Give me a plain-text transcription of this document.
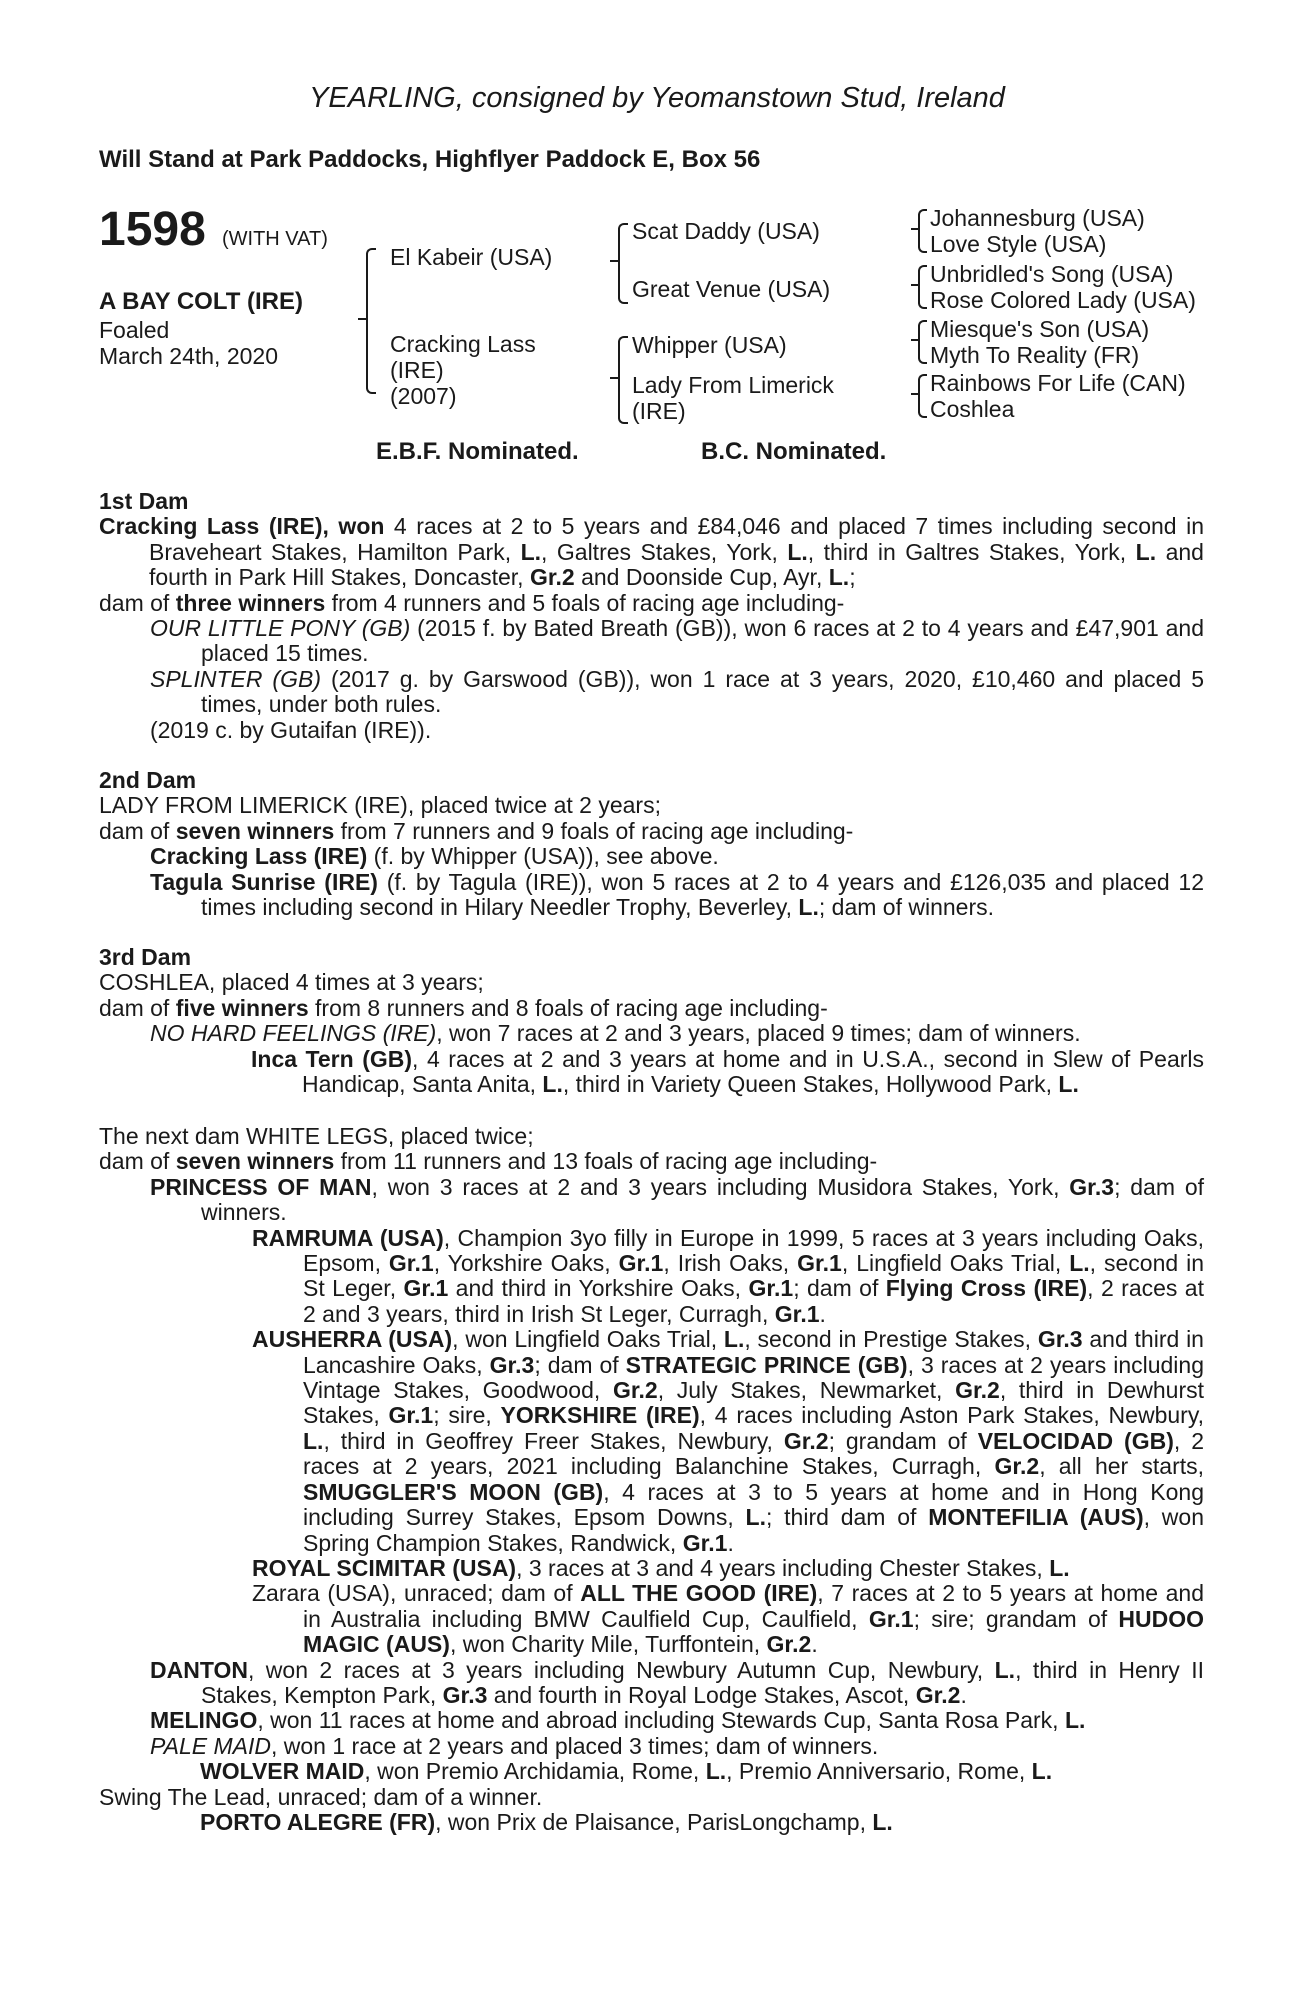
YEARLING, consigned by Yeomanstown Stud, Ireland
Will Stand at Park Paddocks, Highflyer Paddock E, Box 56
1598 (WITH VAT)
A BAY COLT (IRE)
Foaled
March 24th, 2020
El Kabeir (USA)
Cracking Lass
(IRE)
(2007)
Scat Daddy (USA)
Great Venue (USA)
Whipper (USA)
Lady From Limerick
(IRE)
Johannesburg (USA)
Love Style (USA)
Unbridled's Song (USA)
Rose Colored Lady (USA)
Miesque's Son (USA)
Myth To Reality (FR)
Rainbows For Life (CAN)
Coshlea
E.B.F. Nominated.	B.C. Nominated.

1st Dam

Cracking Lass (IRE), won 4 races at 2 to 5 years and £84,046 and placed 7 times including second in Braveheart Stakes, Hamilton Park, L., Galtres Stakes, York, L., third in Galtres Stakes, York, L. and fourth in Park Hill Stakes, Doncaster, Gr.2 and Doonside Cup, Ayr, L.;

dam of three winners from 4 runners and 5 foals of racing age including-

OUR LITTLE PONY (GB) (2015 f. by Bated Breath (GB)), won 6 races at 2 to 4 years and £47,901 and placed 15 times.

SPLINTER (GB) (2017 g. by Garswood (GB)), won 1 race at 3 years, 2020, £10,460 and placed 5 times, under both rules.

(2019 c. by Gutaifan (IRE)).

2nd Dam

LADY FROM LIMERICK (IRE), placed twice at 2 years;

dam of seven winners from 7 runners and 9 foals of racing age including-

Cracking Lass (IRE) (f. by Whipper (USA)), see above.

Tagula Sunrise (IRE) (f. by Tagula (IRE)), won 5 races at 2 to 4 years and £126,035 and placed 12 times including second in Hilary Needler Trophy, Beverley, L.; dam of winners.

3rd Dam

COSHLEA, placed 4 times at 3 years;

dam of five winners from 8 runners and 8 foals of racing age including-

NO HARD FEELINGS (IRE), won 7 races at 2 and 3 years, placed 9 times; dam of winners.

Inca Tern (GB), 4 races at 2 and 3 years at home and in U.S.A., second in Slew of Pearls Handicap, Santa Anita, L., third in Variety Queen Stakes, Hollywood Park, L.

The next dam WHITE LEGS, placed twice;

dam of seven winners from 11 runners and 13 foals of racing age including-

PRINCESS OF MAN, won 3 races at 2 and 3 years including Musidora Stakes, York, Gr.3; dam of winners.

RAMRUMA (USA), Champion 3yo filly in Europe in 1999, 5 races at 3 years including Oaks, Epsom, Gr.1, Yorkshire Oaks, Gr.1, Irish Oaks, Gr.1, Lingfield Oaks Trial, L., second in St Leger, Gr.1 and third in Yorkshire Oaks, Gr.1; dam of Flying Cross (IRE), 2 races at 2 and 3 years, third in Irish St Leger, Curragh, Gr.1.

AUSHERRA (USA), won Lingfield Oaks Trial, L., second in Prestige Stakes, Gr.3 and third in Lancashire Oaks, Gr.3; dam of STRATEGIC PRINCE (GB), 3 races at 2 years including Vintage Stakes, Goodwood, Gr.2, July Stakes, Newmarket, Gr.2, third in Dewhurst Stakes, Gr.1; sire, YORKSHIRE (IRE), 4 races including Aston Park Stakes, Newbury, L., third in Geoffrey Freer Stakes, Newbury, Gr.2; grandam of VELOCIDAD (GB), 2 races at 2 years, 2021 including Balanchine Stakes, Curragh, Gr.2, all her starts, SMUGGLER'S MOON (GB), 4 races at 3 to 5 years at home and in Hong Kong including Surrey Stakes, Epsom Downs, L.; third dam of MONTEFILIA (AUS), won Spring Champion Stakes, Randwick, Gr.1.

ROYAL SCIMITAR (USA), 3 races at 3 and 4 years including Chester Stakes, L.

Zarara (USA), unraced; dam of ALL THE GOOD (IRE), 7 races at 2 to 5 years at home and in Australia including BMW Caulfield Cup, Caulfield, Gr.1; sire; grandam of HUDOO MAGIC (AUS), won Charity Mile, Turffontein, Gr.2.

DANTON, won 2 races at 3 years including Newbury Autumn Cup, Newbury, L., third in Henry II Stakes, Kempton Park, Gr.3 and fourth in Royal Lodge Stakes, Ascot, Gr.2.

MELINGO, won 11 races at home and abroad including Stewards Cup, Santa Rosa Park, L.

PALE MAID, won 1 race at 2 years and placed 3 times; dam of winners.

WOLVER MAID, won Premio Archidamia, Rome, L., Premio Anniversario, Rome, L.

Swing The Lead, unraced; dam of a winner.

PORTO ALEGRE (FR), won Prix de Plaisance, ParisLongchamp, L.
